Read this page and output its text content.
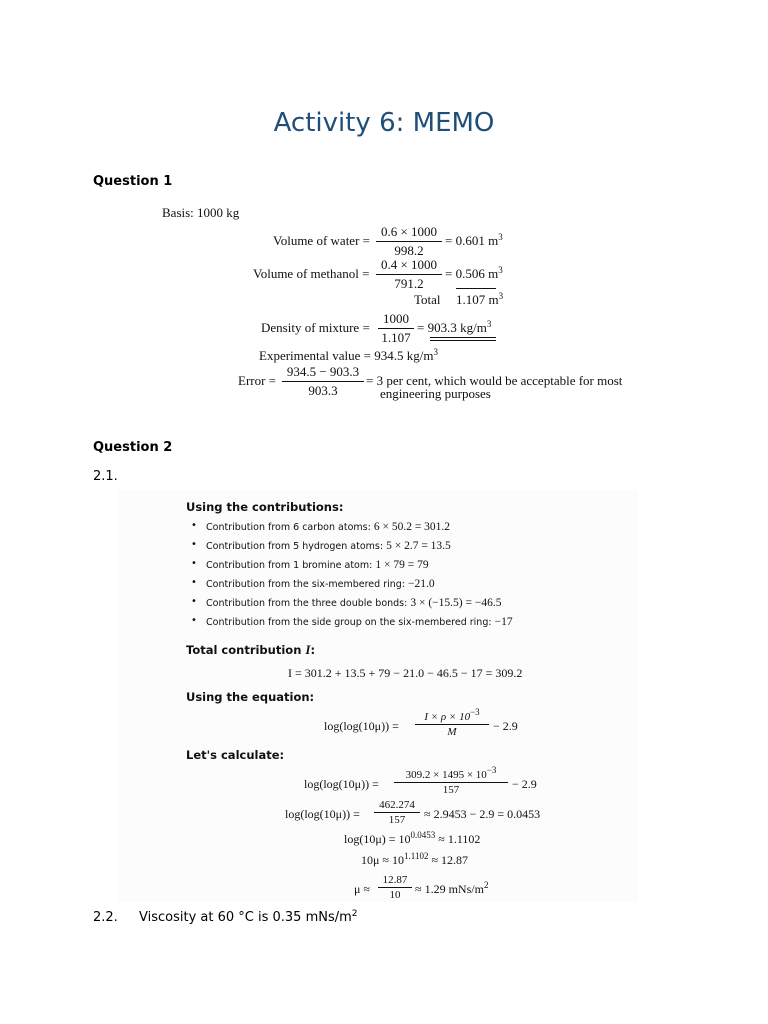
Activity 6: MEMO
Question 1
Basis: 1000 kg
Volume of water = $\frac{0.6 \times 1000}{998.2} = 0.601$ $m^3$
Volume of methanol = $\frac{0.4 \times 1000}{791.2} = 0.506$ $m^3$
Total 1.107 $m^3$
Density of mixture = $\frac{1000}{1.107} = 903.3$ $kg/m^3$
Experimental value = 934.5 $kg/m^3$
Error = $\frac{934.5 - 903.3}{903.3} = 3$ per cent, which would be acceptable for most
engineering purposes
Question 2
2.1.
Using the contributions:
• Contribution from 6 carbon atoms: 6 × 50.2 = 301.2
• Contribution from 5 hydrogen atoms: 5 × 2.7 = 13.5
• Contribution from 1 bromine atom: 1 × 79 = 79
• Contribution from the six-membered ring: −21.0
• Contribution from the three double bonds: 3 × (−15.5) = −46.5
• Contribution from the side group on the six-membered ring: −17
Total contribution I:
I = 301.2 + 13.5 + 79 − 21.0 − 46.5 − 17 = 309.2
Using the equation:
$\log(\log(10\mu)) = \frac{I \times \rho \times 10^{-3}}{M} - 2.9$
Let's calculate:
$\log(\log(10\mu)) = \frac{309.2 \times 1495 \times 10^{-3}}{157} - 2.9$
$\log(\log(10\mu)) = \frac{462.274}{157} \approx 2.9453 - 2.9 = 0.0453$
$\log(10\mu) = 10^{0.0453} \approx 1.1102$
$10\mu \approx 10^{1.1102} \approx 12.87$
$\mu \approx \frac{12.87}{10} \approx 1.29$ mNs/$m^2$
2.2. Viscosity at 60 °C is 0.35 mNs/$m^2$
